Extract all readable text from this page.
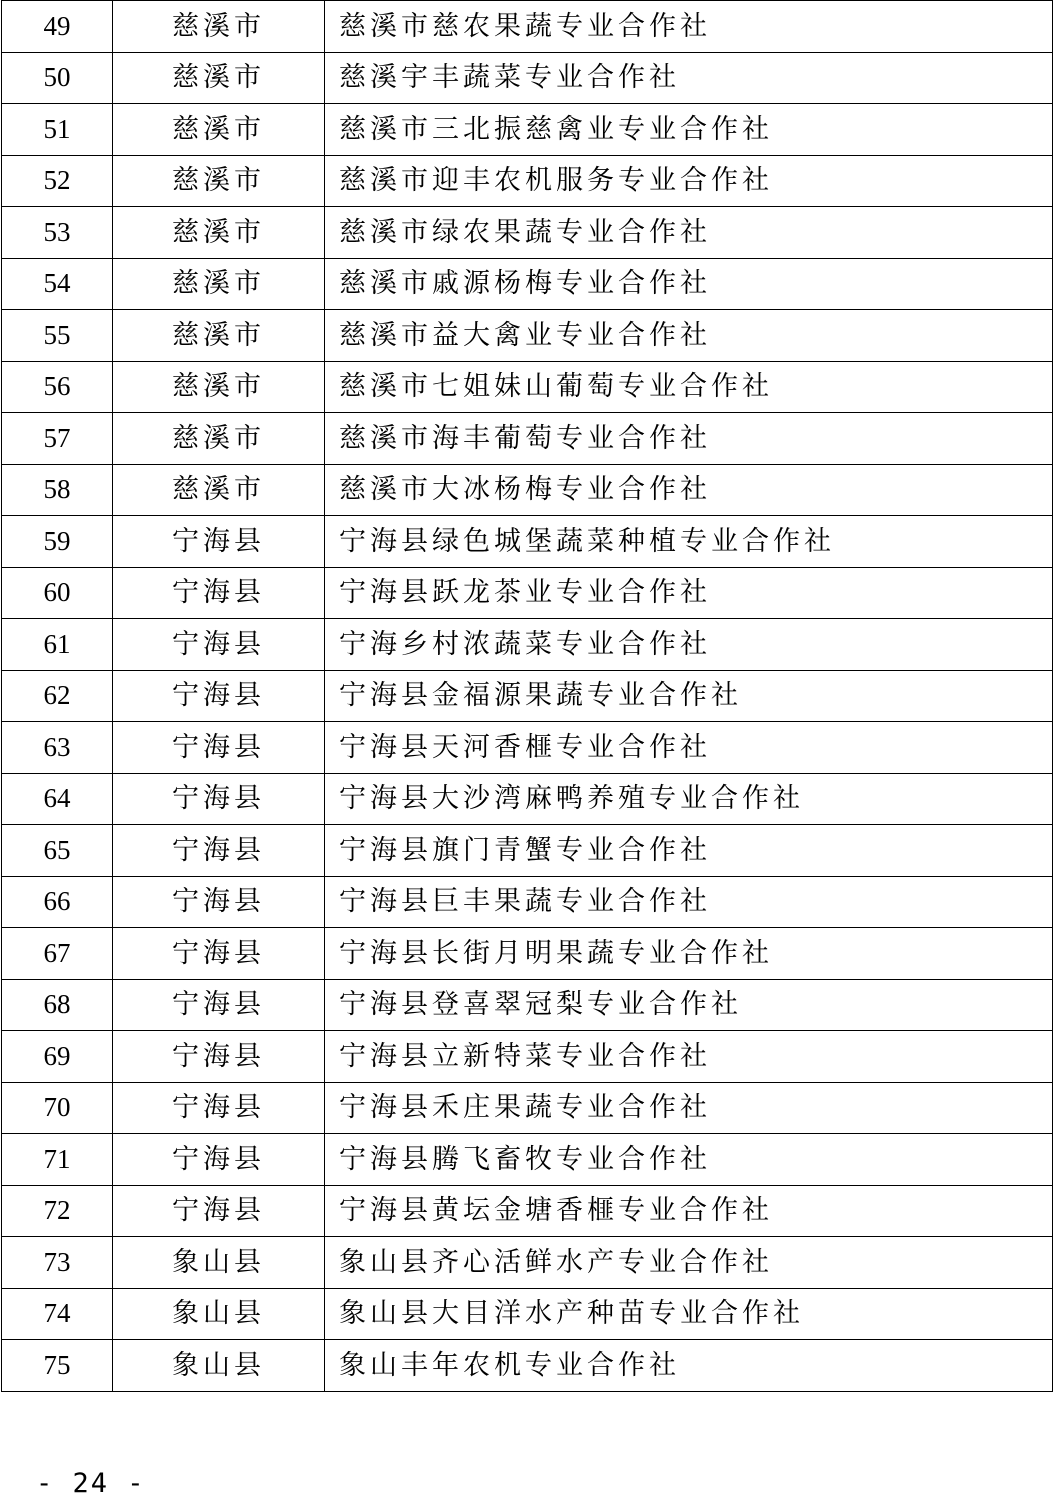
49	慈溪市	慈溪市慈农果蔬专业合作社
50	慈溪市	慈溪宇丰蔬菜专业合作社
51	慈溪市	慈溪市三北振慈禽业专业合作社
52	慈溪市	慈溪市迎丰农机服务专业合作社
53	慈溪市	慈溪市绿农果蔬专业合作社
54	慈溪市	慈溪市戚源杨梅专业合作社
55	慈溪市	慈溪市益大禽业专业合作社
56	慈溪市	慈溪市七姐妹山葡萄专业合作社
57	慈溪市	慈溪市海丰葡萄专业合作社
58	慈溪市	慈溪市大冰杨梅专业合作社
59	宁海县	宁海县绿色城堡蔬菜种植专业合作社
60	宁海县	宁海县跃龙茶业专业合作社
61	宁海县	宁海乡村浓蔬菜专业合作社
62	宁海县	宁海县金福源果蔬专业合作社
63	宁海县	宁海县天河香榧专业合作社
64	宁海县	宁海县大沙湾麻鸭养殖专业合作社
65	宁海县	宁海县旗门青蟹专业合作社
66	宁海县	宁海县巨丰果蔬专业合作社
67	宁海县	宁海县长街月明果蔬专业合作社
68	宁海县	宁海县登喜翠冠梨专业合作社
69	宁海县	宁海县立新特菜专业合作社
70	宁海县	宁海县禾庄果蔬专业合作社
71	宁海县	宁海县腾飞畜牧专业合作社
72	宁海县	宁海县黄坛金塘香榧专业合作社
73	象山县	象山县齐心活鲜水产专业合作社
74	象山县	象山县大目洋水产种苗专业合作社
75	象山县	象山丰年农机专业合作社
- 24 -
